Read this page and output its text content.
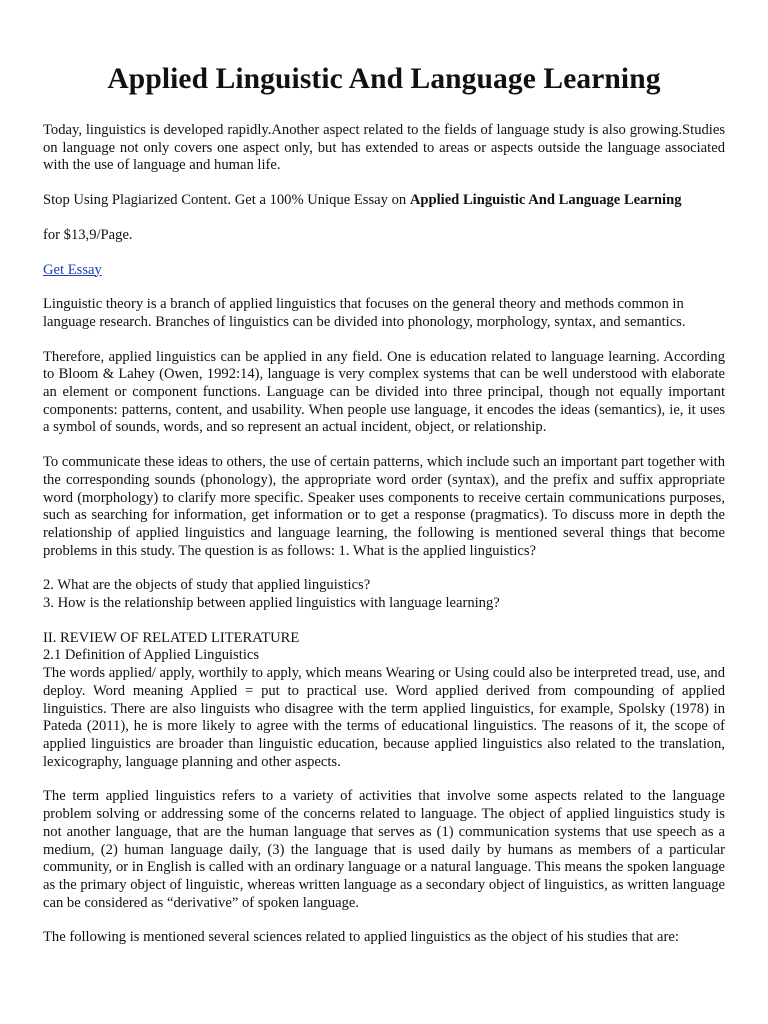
Applied Linguistic And Language Learning

Today, linguistics is developed rapidly.Another aspect related to the fields of language study is also growing.Studies on language not only covers one aspect only, but has extended to areas or aspects outside the language associated with the use of language and human life.

Stop Using Plagiarized Content. Get a 100% Unique Essay on Applied Linguistic And Language Learning

for $13,9/Page.

Get Essay

Linguistic theory is a branch of applied linguistics that focuses on the general theory and methods common in language research. Branches of linguistics can be divided into phonology, morphology, syntax, and semantics.

Therefore, applied linguistics can be applied in any field. One is education related to language learning. According to Bloom & Lahey (Owen, 1992:14), language is very complex systems that can be well understood with elaborate an element or component functions. Language can be divided into three principal, though not equally important components: patterns, content, and usability. When people use language, it encodes the ideas (semantics), ie, it uses a symbol of sounds, words, and so represent an actual incident, object, or relationship.

To communicate these ideas to others, the use of certain patterns, which include such an important part together with the corresponding sounds (phonology), the appropriate word order (syntax), and the prefix and suffix appropriate word (morphology) to clarify more specific. Speaker uses components to receive certain communications purposes, such as searching for information, get information or to get a response (pragmatics). To discuss more in depth the relationship of applied linguistics and language learning, the following is mentioned several things that become problems in this study. The question is as follows: 1. What is the applied linguistics?

2. What are the objects of study that applied linguistics?

3. How is the relationship between applied linguistics with language learning?

II. REVIEW OF RELATED LITERATURE

2.1 Definition of Applied Linguistics

The words applied/ apply, worthily to apply, which means Wearing or Using could also be interpreted tread, use, and deploy. Word meaning Applied = put to practical use. Word applied derived from compounding of applied linguistics. There are also linguists who disagree with the term applied linguistics, for example, Spolsky (1978) in Pateda (2011), he is more likely to agree with the terms of educational linguistics. The reasons of it, the scope of applied linguistics are broader than linguistic education, because applied linguistics also related to the translation, lexicography, language planning and other aspects.

The term applied linguistics refers to a variety of activities that involve some aspects related to the language problem solving or addressing some of the concerns related to language. The object of applied linguistics study is not another language, that are the human language that serves as (1) communication systems that use speech as a medium, (2) human language daily, (3) the language that is used daily by humans as members of a particular community, or in English is called with an ordinary language or a natural language. This means the spoken language as the primary object of linguistic, whereas written language as a secondary object of linguistics, as written language can be considered as “derivative” of spoken language.

The following is mentioned several sciences related to applied linguistics as the object of his studies that are:
